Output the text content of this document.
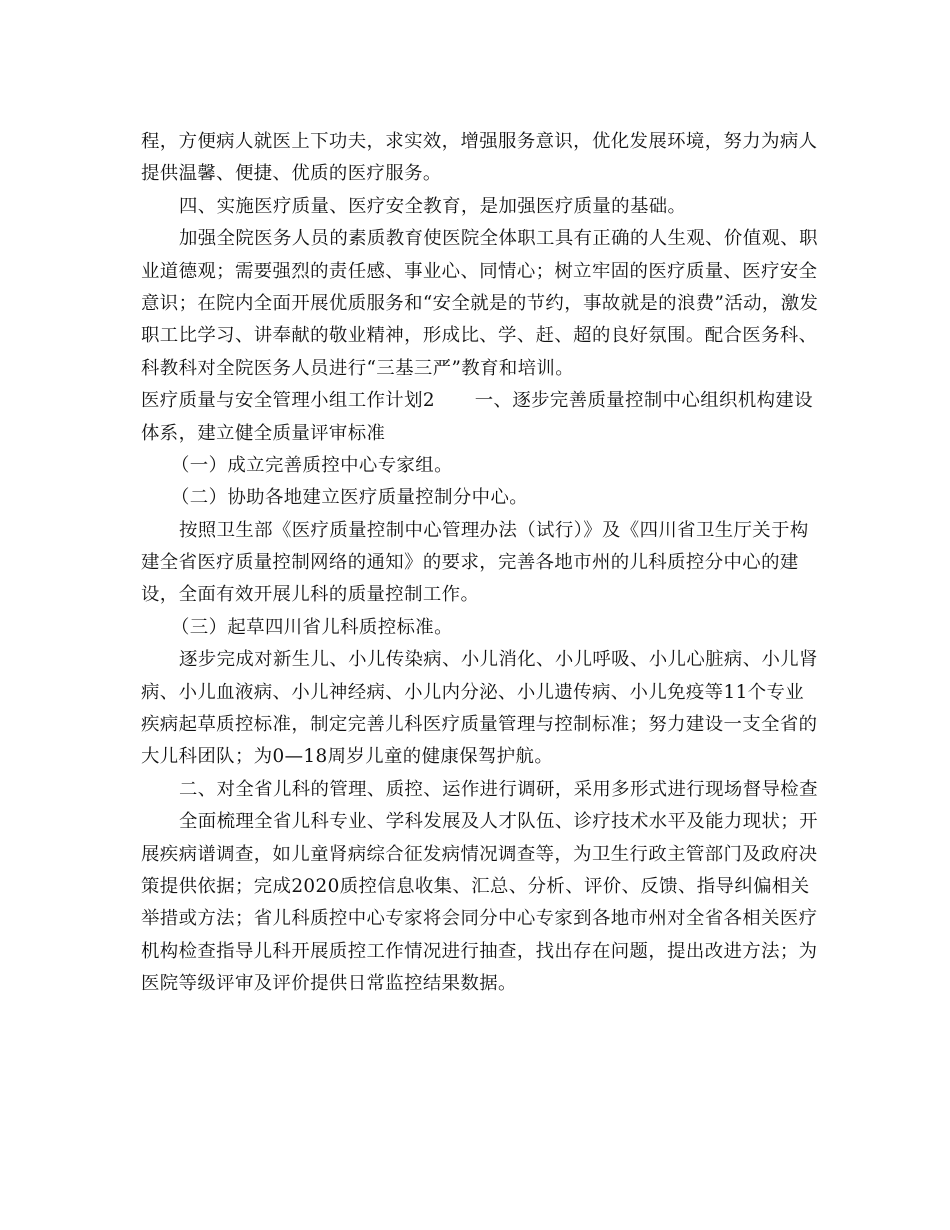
程，方便病人就医上下功夫，求实效，增强服务意识，优化发展环境，努力为病人
提供温馨、便捷、优质的医疗服务。
四、实施医疗质量、医疗安全教育，是加强医疗质量的基础。
加强全院医务人员的素质教育使医院全体职工具有正确的人生观、价值观、职
业道德观；需要强烈的责任感、事业心、同情心；树立牢固的医疗质量、医疗安全
意识；在院内全面开展优质服务和“安全就是的节约，事故就是的浪费”活动，激发
职工比学习、讲奉献的敬业精神，形成比、学、赶、超的良好氛围。配合医务科、
科教科对全院医务人员进行“三基三严”教育和培训。
医疗质量与安全管理小组工作计划2 一、逐步完善质量控制中心组织机构建设
体系，建立健全质量评审标准
（一）成立完善质控中心专家组。
（二）协助各地建立医疗质量控制分中心。
按照卫生部《医疗质量控制中心管理办法（试行）》及《四川省卫生厅关于构
建全省医疗质量控制网络的通知》的要求，完善各地市州的儿科质控分中心的建
设，全面有效开展儿科的质量控制工作。
（三）起草四川省儿科质控标准。
逐步完成对新生儿、小儿传染病、小儿消化、小儿呼吸、小儿心脏病、小儿肾
病、小儿血液病、小儿神经病、小儿内分泌、小儿遗传病、小儿免疫等11个专业
疾病起草质控标准，制定完善儿科医疗质量管理与控制标准；努力建设一支全省的
大儿科团队；为0—18周岁儿童的健康保驾护航。
二、对全省儿科的管理、质控、运作进行调研，采用多形式进行现场督导检查
全面梳理全省儿科专业、学科发展及人才队伍、诊疗技术水平及能力现状；开
展疾病谱调查，如儿童肾病综合征发病情况调查等，为卫生行政主管部门及政府决
策提供依据；完成2020质控信息收集、汇总、分析、评价、反馈、指导纠偏相关
举措或方法；省儿科质控中心专家将会同分中心专家到各地市州对全省各相关医疗
机构检查指导儿科开展质控工作情况进行抽查，找出存在问题，提出改进方法；为
医院等级评审及评价提供日常监控结果数据。
